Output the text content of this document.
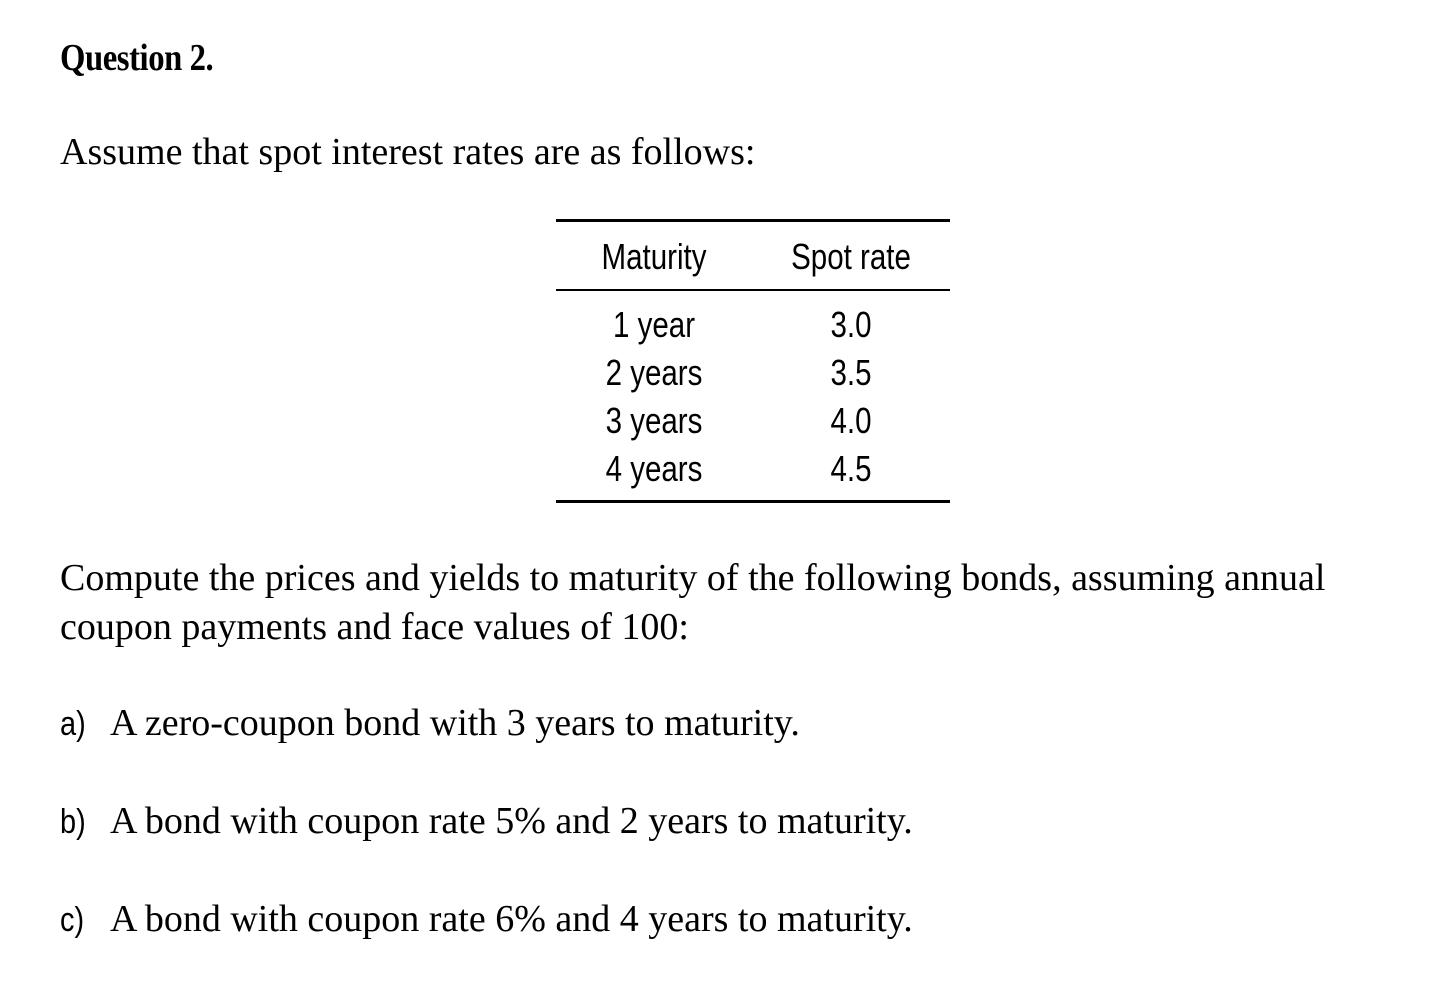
Question 2.
Assume that spot interest rates are as follows:
Maturity	Spot rate
1 year	3.0
2 years	3.5
3 years	4.0
4 years	4.5
Compute the prices and yields to maturity of the following bonds, assuming annual
coupon payments and face values of 100:
a) A zero-coupon bond with 3 years to maturity.
b) A bond with coupon rate 5% and 2 years to maturity.
c) A bond with coupon rate 6% and 4 years to maturity.
